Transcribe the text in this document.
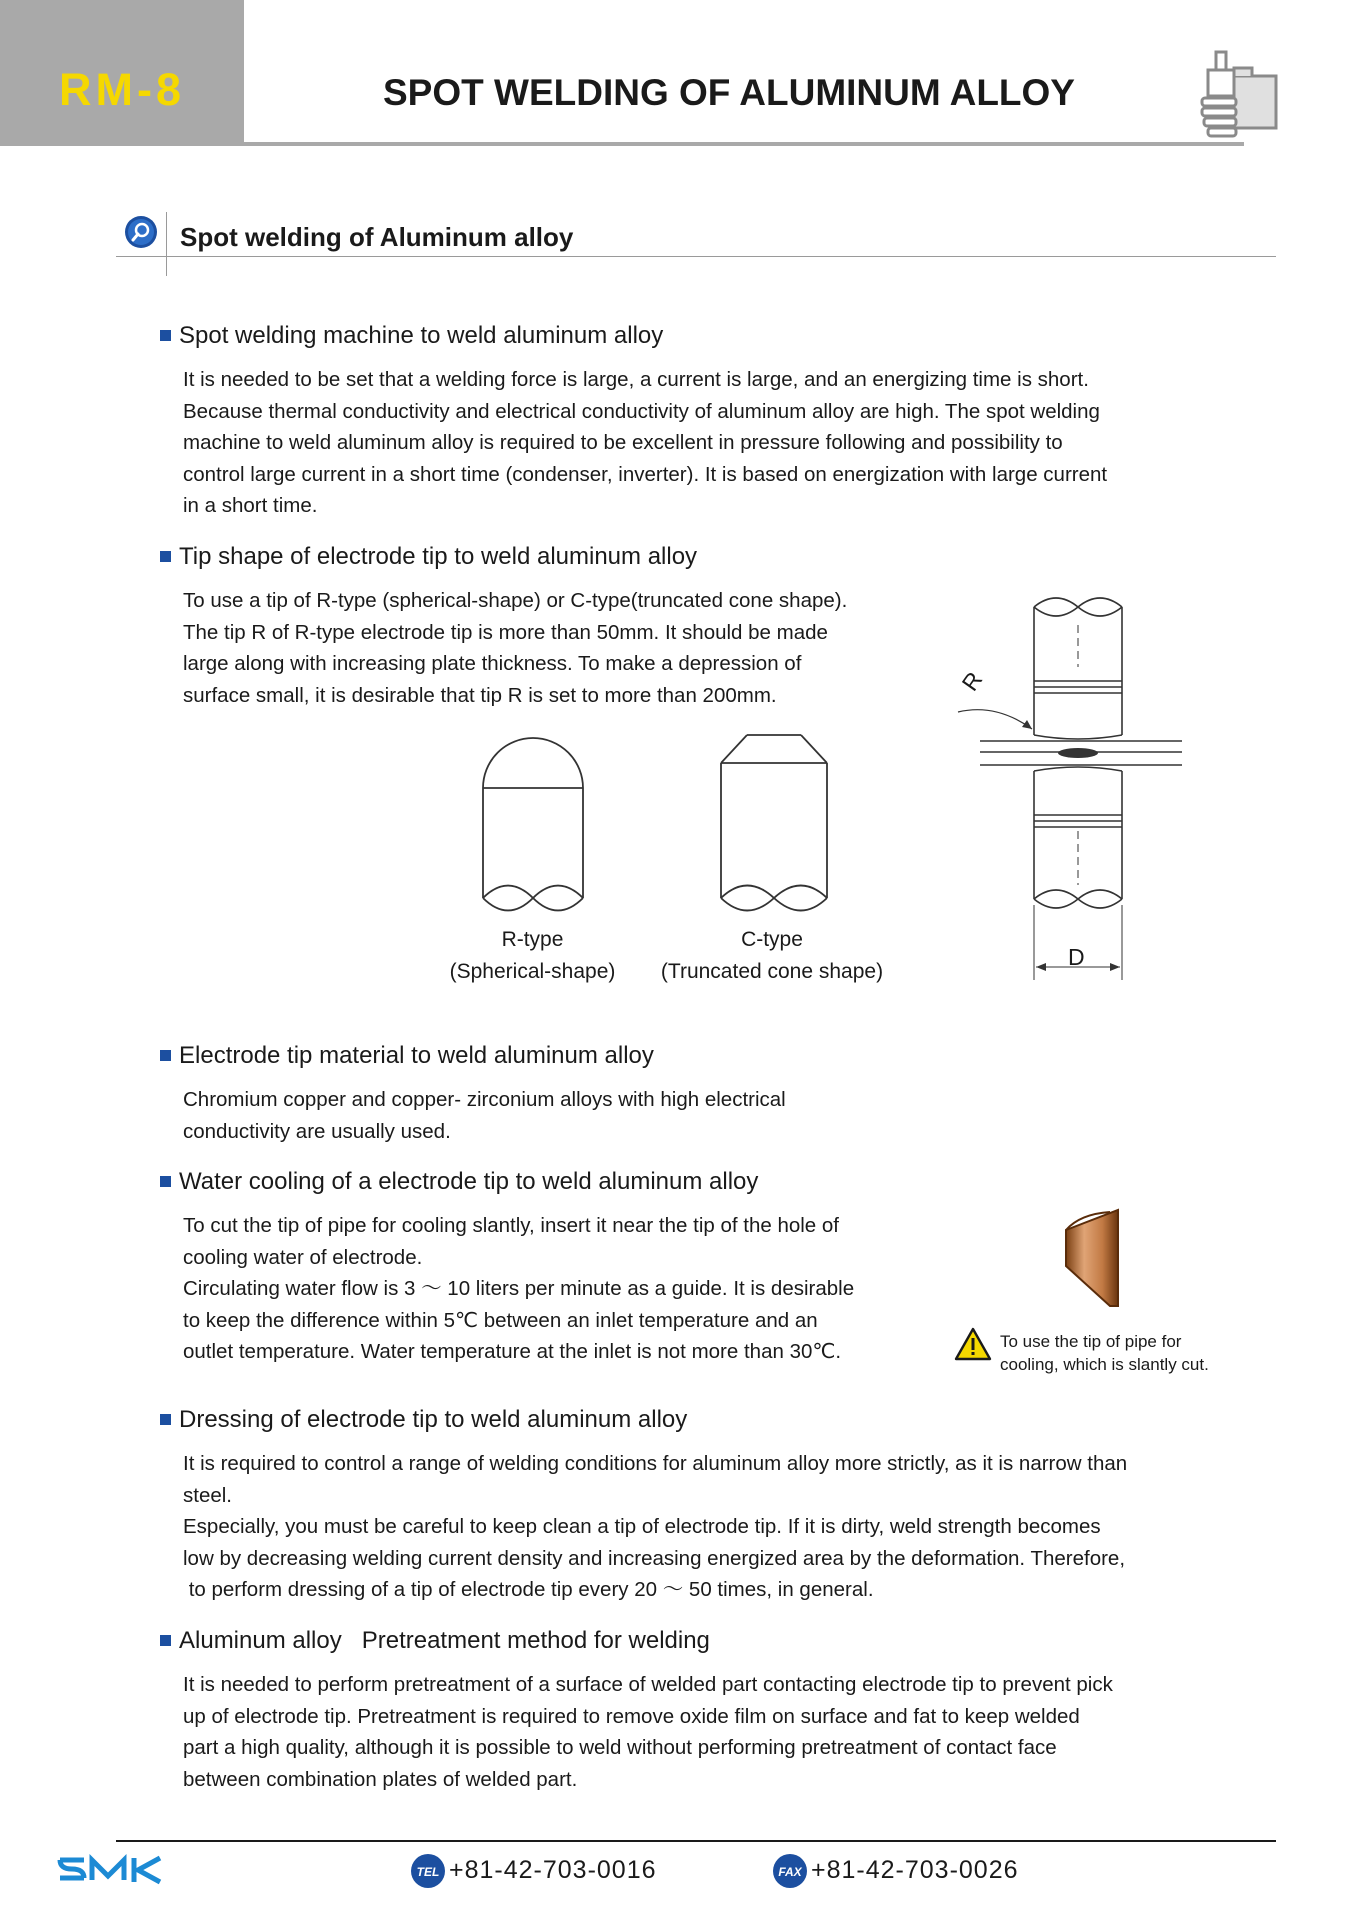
RM-8	SPOT WELDING OF ALUMINUM ALLOY
Spot welding of Aluminum alloy
Spot welding machine to weld aluminum alloy
It is needed to be set that a welding force is large, a current is large, and an energizing time is short.
Because thermal conductivity and electrical conductivity of aluminum alloy are high. The spot welding
machine to weld aluminum alloy is required to be excellent in pressure following and possibility to
control large current in a short time (condenser, inverter). It is based on energization with large current
in a short time.
Tip shape of electrode tip to weld aluminum alloy
To use a tip of R-type (spherical-shape) or C-type(truncated cone shape).
The tip R of R-type electrode tip is more than 50mm. It should be made
large along with increasing plate thickness. To make a depression of
surface small, it is desirable that tip R is set to more than 200mm.
R-type
(Spherical-shape)
C-type
(Truncated cone shape)
R
D
Electrode tip material to weld aluminum alloy
Chromium copper and copper- zirconium alloys with high electrical
conductivity are usually used.
Water cooling of a electrode tip to weld aluminum alloy
To cut the tip of pipe for cooling slantly, insert it near the tip of the hole of
cooling water of electrode.
Circulating water flow is 3 〜 10 liters per minute as a guide. It is desirable
to keep the difference within 5℃ between an inlet temperature and an
outlet temperature. Water temperature at the inlet is not more than 30℃.	To use the tip of pipe for
cooling, which is slantly cut.
Dressing of electrode tip to weld aluminum alloy
It is required to control a range of welding conditions for aluminum alloy more strictly, as it is narrow than
steel.
Especially, you must be careful to keep clean a tip of electrode tip. If it is dirty, weld strength becomes
low by decreasing welding current density and increasing energized area by the deformation. Therefore,
to perform dressing of a tip of electrode tip every 20 〜 50 times, in general.
Aluminum alloy   Pretreatment method for welding
It is needed to perform pretreatment of a surface of welded part contacting electrode tip to prevent pick
up of electrode tip. Pretreatment is required to remove oxide film on surface and fat to keep welded
part a high quality, although it is possible to weld without performing pretreatment of contact face
between combination plates of welded part.
TEL +81-42-703-0016	FAX +81-42-703-0026
